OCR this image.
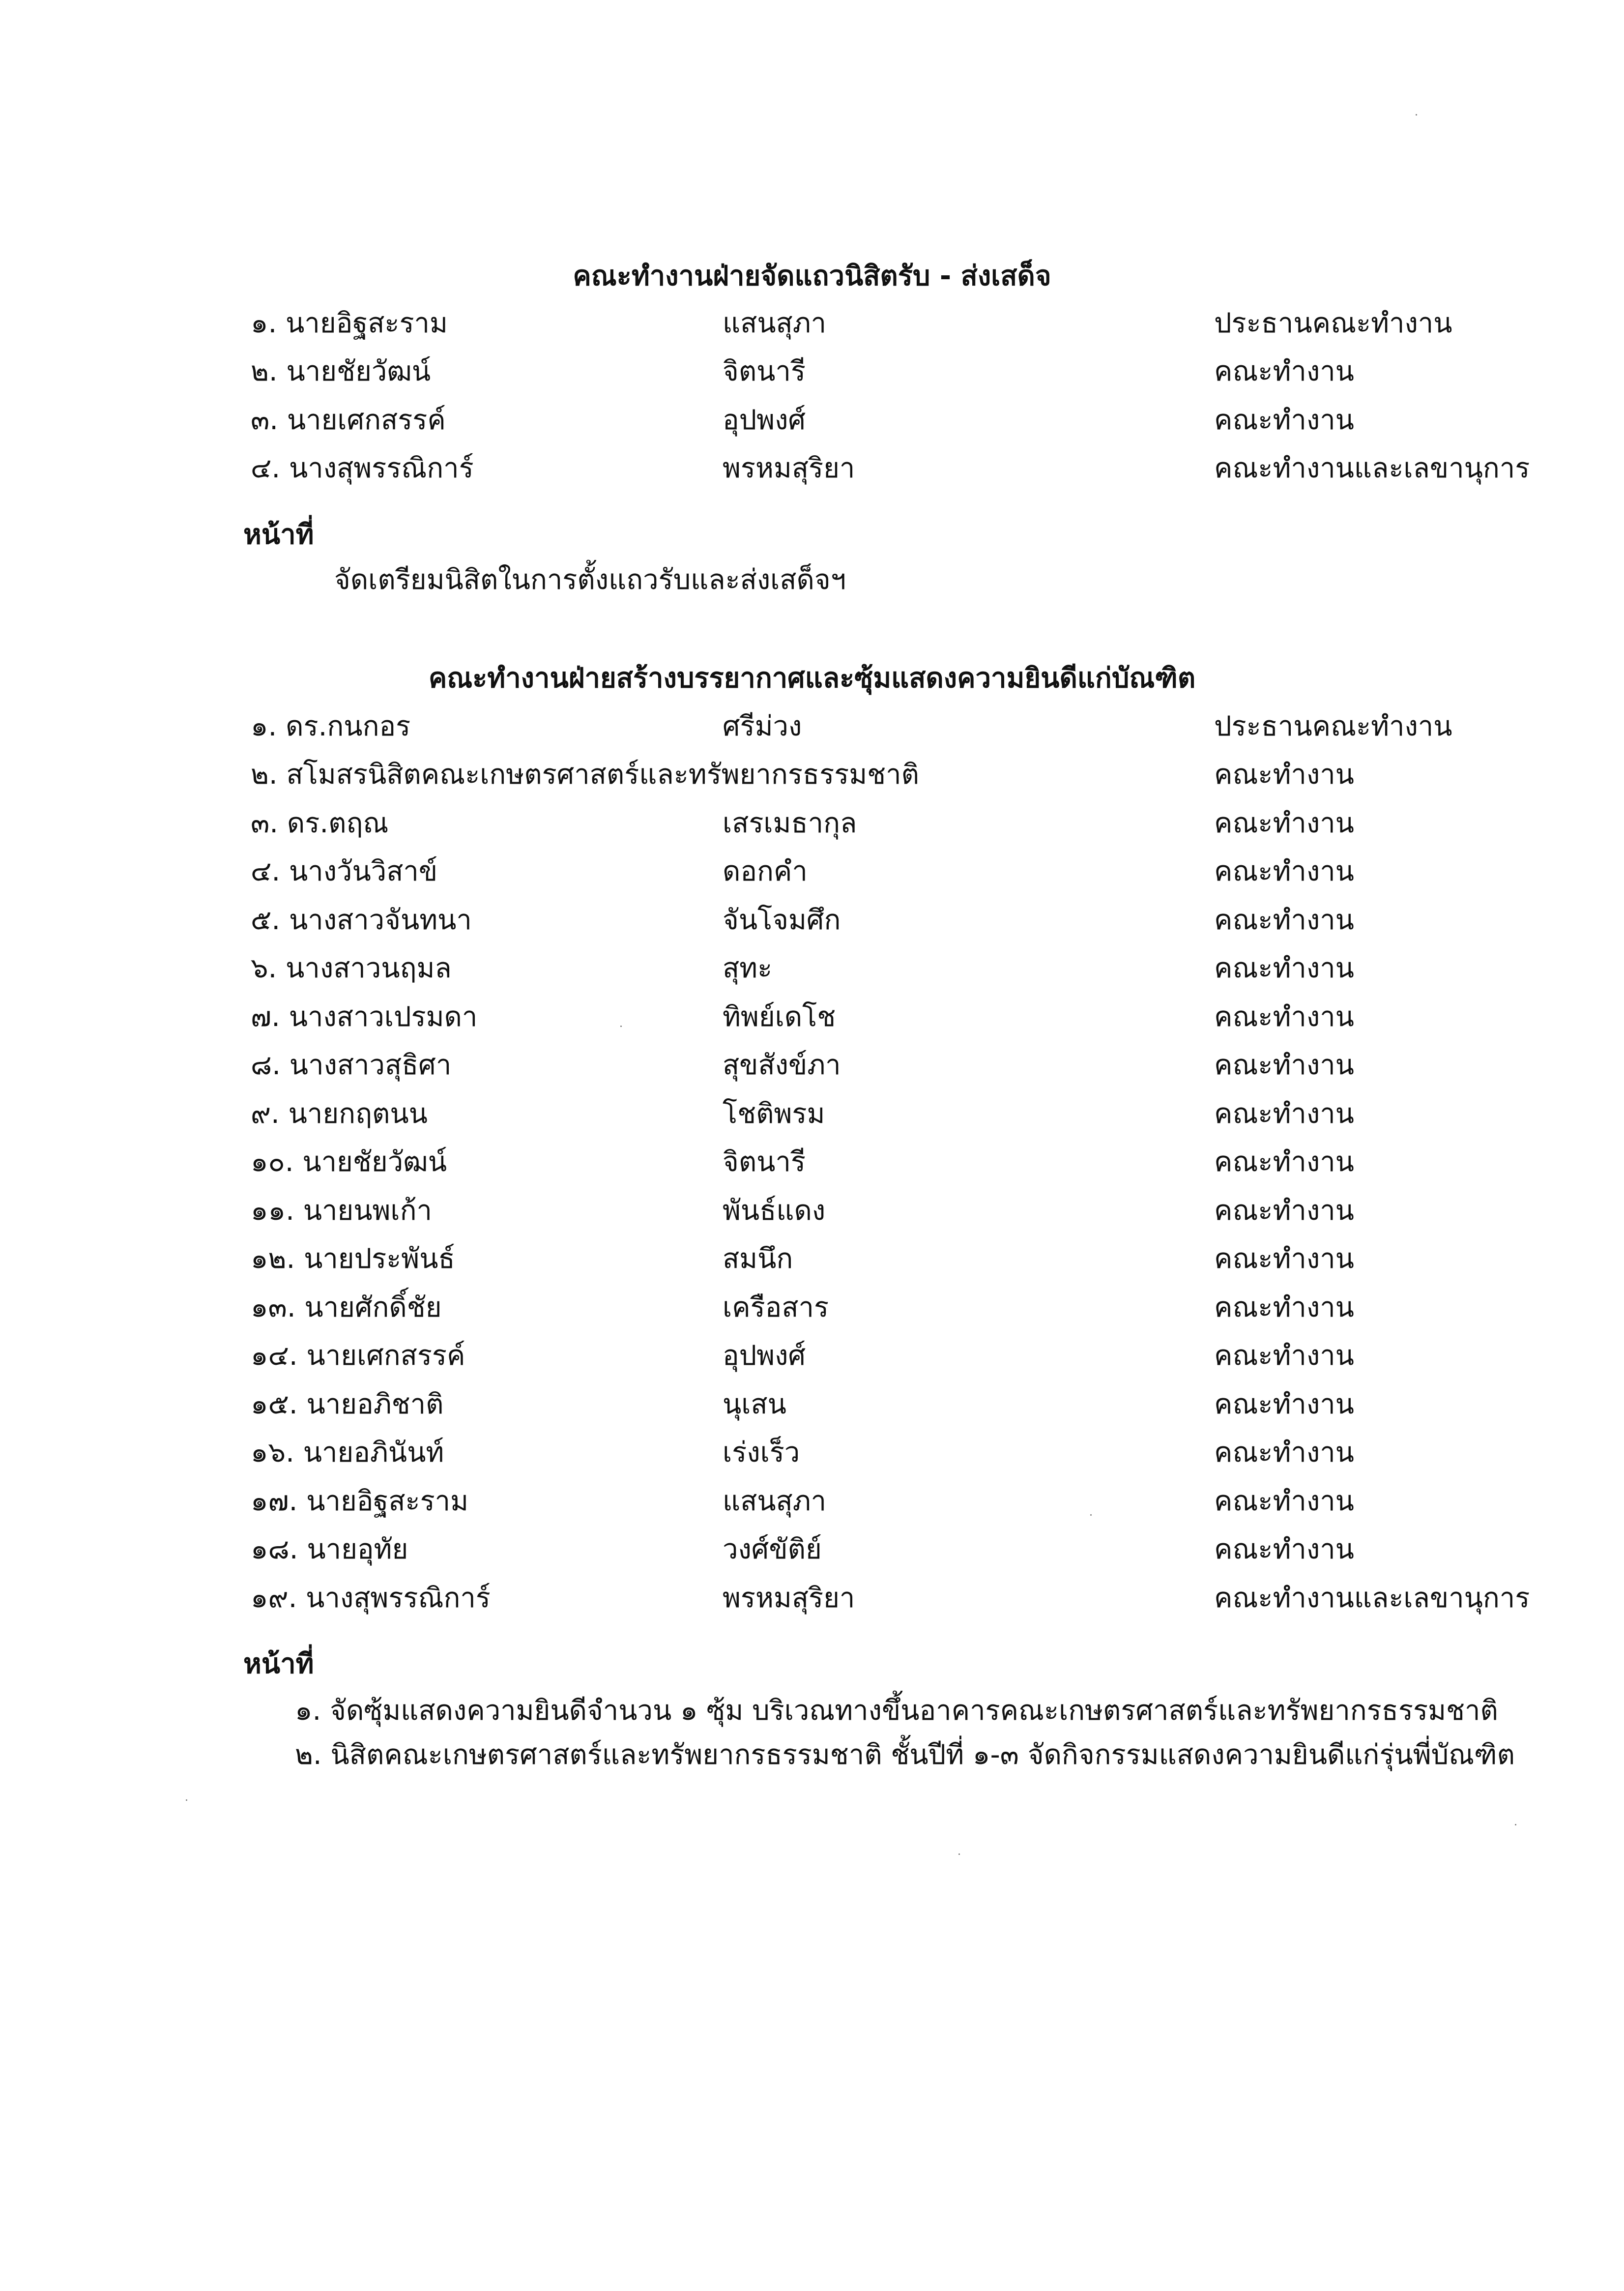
คณะทำงานฝ่ายจัดแถวนิสิตรับ - ส่งเสด็จ
๑. นายอิฐสะราม	แสนสุภา	ประธานคณะทำงาน
๒. นายชัยวัฒน์	จิตนารี	คณะทำงาน
๓. นายเศกสรรค์	อุปพงศ์	คณะทำงาน
๔. นางสุพรรณิการ์	พรหมสุริยา	คณะทำงานและเลขานุการ
หน้าที่
จัดเตรียมนิสิตในการตั้งแถวรับและส่งเสด็จฯ
คณะทำงานฝ่ายสร้างบรรยากาศและซุ้มแสดงความยินดีแก่บัณฑิต
๑. ดร.กนกอร	ศรีม่วง	ประธานคณะทำงาน
๒. สโมสรนิสิตคณะเกษตรศาสตร์และทรัพยากรธรรมชาติ	คณะทำงาน
๓. ดร.ตฤณ	เสรเมธากุล	คณะทำงาน
๔. นางวันวิสาข์	ดอกคำ	คณะทำงาน
๕. นางสาวจันทนา	จันโจมศึก	คณะทำงาน
๖. นางสาวนฤมล	สุทะ	คณะทำงาน
๗. นางสาวเปรมดา	ทิพย์เดโช	คณะทำงาน
๘. นางสาวสุธิศา	สุขสังข์ภา	คณะทำงาน
๙. นายกฤตนน	โชติพรม	คณะทำงาน
๑๐. นายชัยวัฒน์	จิตนารี	คณะทำงาน
๑๑. นายนพเก้า	พันธ์แดง	คณะทำงาน
๑๒. นายประพันธ์	สมนึก	คณะทำงาน
๑๓. นายศักดิ์ชัย	เครือสาร	คณะทำงาน
๑๔. นายเศกสรรค์	อุปพงศ์	คณะทำงาน
๑๕. นายอภิชาติ	นุเสน	คณะทำงาน
๑๖. นายอภินันท์	เร่งเร็ว	คณะทำงาน
๑๗. นายอิฐสะราม	แสนสุภา	คณะทำงาน
๑๘. นายอุทัย	วงศ์ขัติย์	คณะทำงาน
๑๙. นางสุพรรณิการ์	พรหมสุริยา	คณะทำงานและเลขานุการ
หน้าที่
๑. จัดซุ้มแสดงความยินดีจำนวน ๑ ซุ้ม บริเวณทางขึ้นอาคารคณะเกษตรศาสตร์และทรัพยากรธรรมชาติ
๒. นิสิตคณะเกษตรศาสตร์และทรัพยากรธรรมชาติ ชั้นปีที่ ๑-๓ จัดกิจกรรมแสดงความยินดีแก่รุ่นพี่บัณฑิต
